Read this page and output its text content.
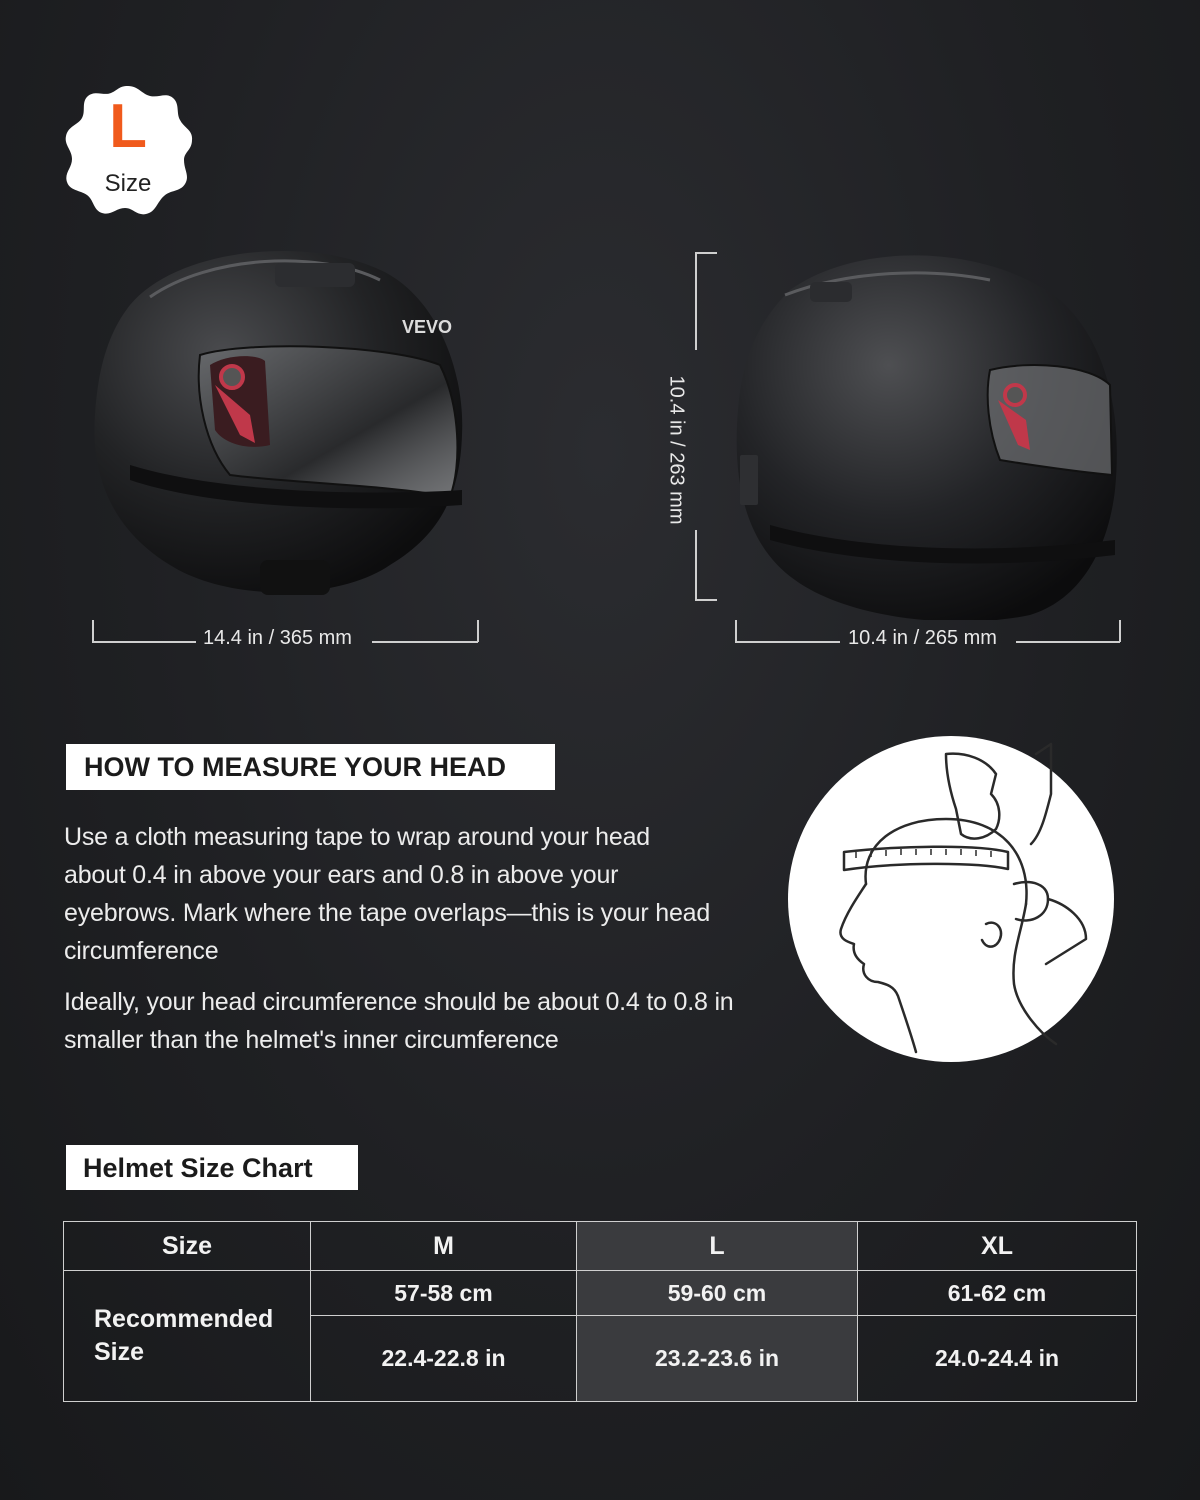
L
Size
VEVO
14.4 in / 365 mm
10.4 in / 263 mm
10.4 in / 265 mm
HOW TO MEASURE YOUR HEAD
Use a cloth measuring tape to wrap around your head about 0.4 in above your ears and 0.8 in above your eyebrows. Mark where the tape overlaps—this is your head circumference
Ideally, your head circumference should be about 0.4 to 0.8 in smaller than the helmet's inner circumference
Helmet Size Chart
Size	M	L	XL
Recommended Size	57-58 cm	59-60 cm	61-62 cm
	22.4-22.8 in	23.2-23.6 in	24.0-24.4 in
